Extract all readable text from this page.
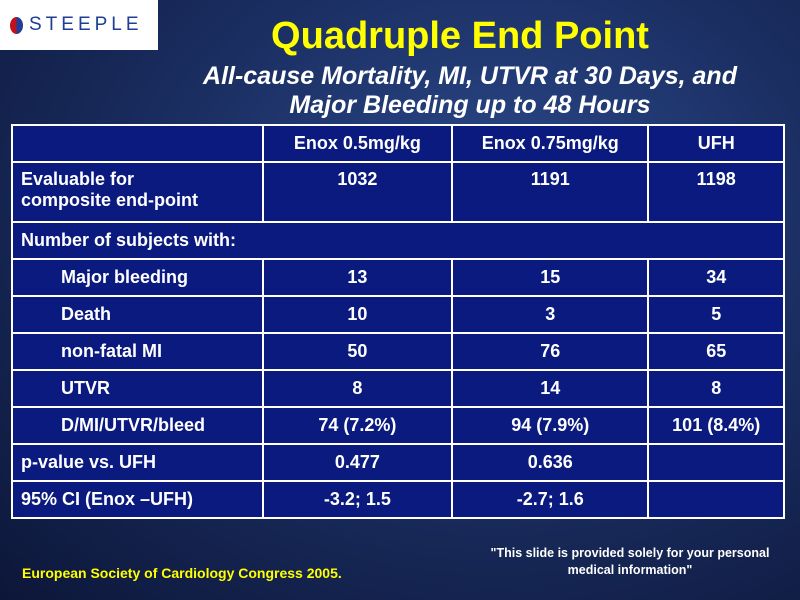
STEEPLE	Quadruple End Point
All-cause Mortality, MI, UTVR at 30 Days, and
Major Bleeding up to 48 Hours
	Enox 0.5mg/kg	Enox 0.75mg/kg	UFH

Evaluable for
composite end-point	1032	1191	1198
Number of subjects with:			
Major bleeding	13	15	34
Death	10	3	5
non-fatal MI	50	76	65
UTVR	8	14	8
D/MI/UTVR/bleed	74 (7.2%)	94 (7.9%)	101 (8.4%)
p-value vs. UFH	0.477	0.636	
95% CI (Enox –UFH)	-3.2; 1.5	-2.7; 1.6	
European Society of Cardiology Congress 2005.
"This slide is provided solely for your personal
medical information"
